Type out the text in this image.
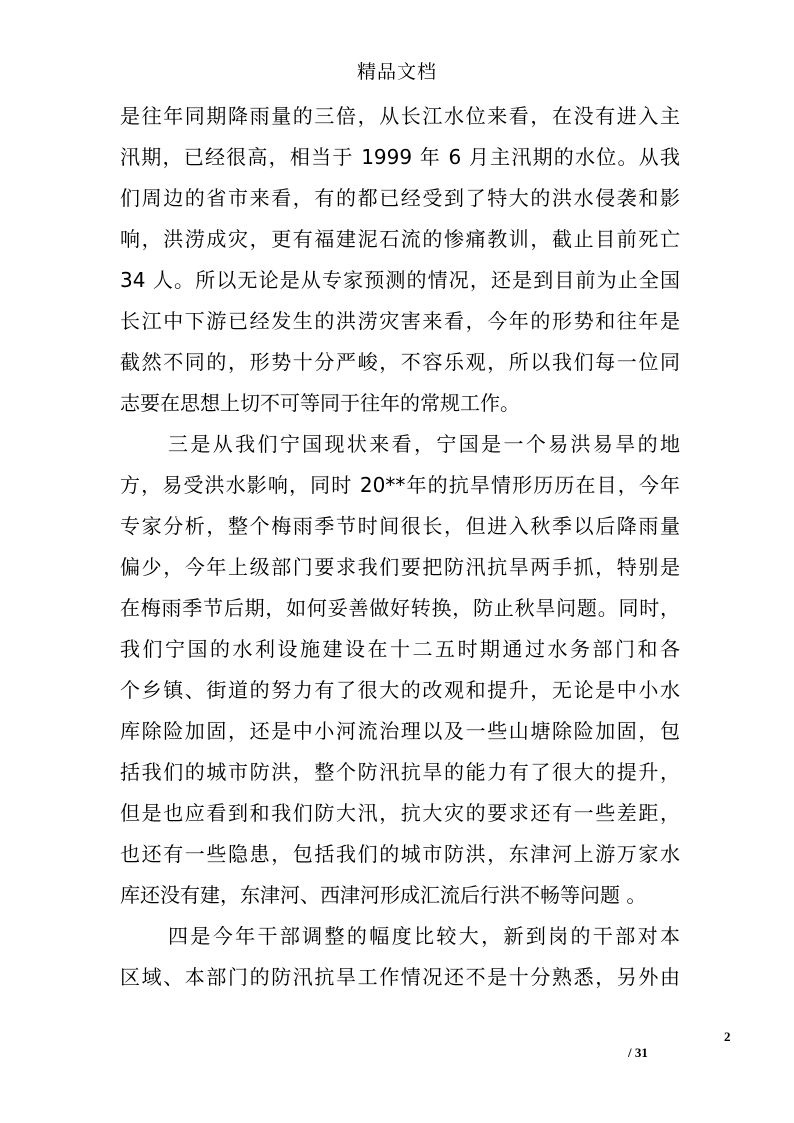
精品文档
是往年同期降雨量的三倍，从长江水位来看，在没有进入主
汛期，已经很高，相当于 1999 年 6 月主汛期的水位。从我
们周边的省市来看，有的都已经受到了特大的洪水侵袭和影
响，洪涝成灾，更有福建泥石流的惨痛教训，截止目前死亡
34 人。所以无论是从专家预测的情况，还是到目前为止全国
长江中下游已经发生的洪涝灾害来看，今年的形势和往年是
截然不同的，形势十分严峻，不容乐观，所以我们每一位同
志要在思想上切不可等同于往年的常规工作。
三是从我们宁国现状来看，宁国是一个易洪易旱的地
方，易受洪水影响，同时 20**年的抗旱情形历历在目，今年
专家分析，整个梅雨季节时间很长，但进入秋季以后降雨量
偏少，今年上级部门要求我们要把防汛抗旱两手抓，特别是
在梅雨季节后期，如何妥善做好转换，防止秋旱问题。同时，
我们宁国的水利设施建设在十二五时期通过水务部门和各
个乡镇、街道的努力有了很大的改观和提升，无论是中小水
库除险加固，还是中小河流治理以及一些山塘除险加固，包
括我们的城市防洪，整个防汛抗旱的能力有了很大的提升，
但是也应看到和我们防大汛，抗大灾的要求还有一些差距，
也还有一些隐患，包括我们的城市防洪，东津河上游万家水
库还没有建，东津河、西津河形成汇流后行洪不畅等问题 。
四是今年干部调整的幅度比较大，新到岗的干部对本
区域、本部门的防汛抗旱工作情况还不是十分熟悉，另外由
2
/ 31
